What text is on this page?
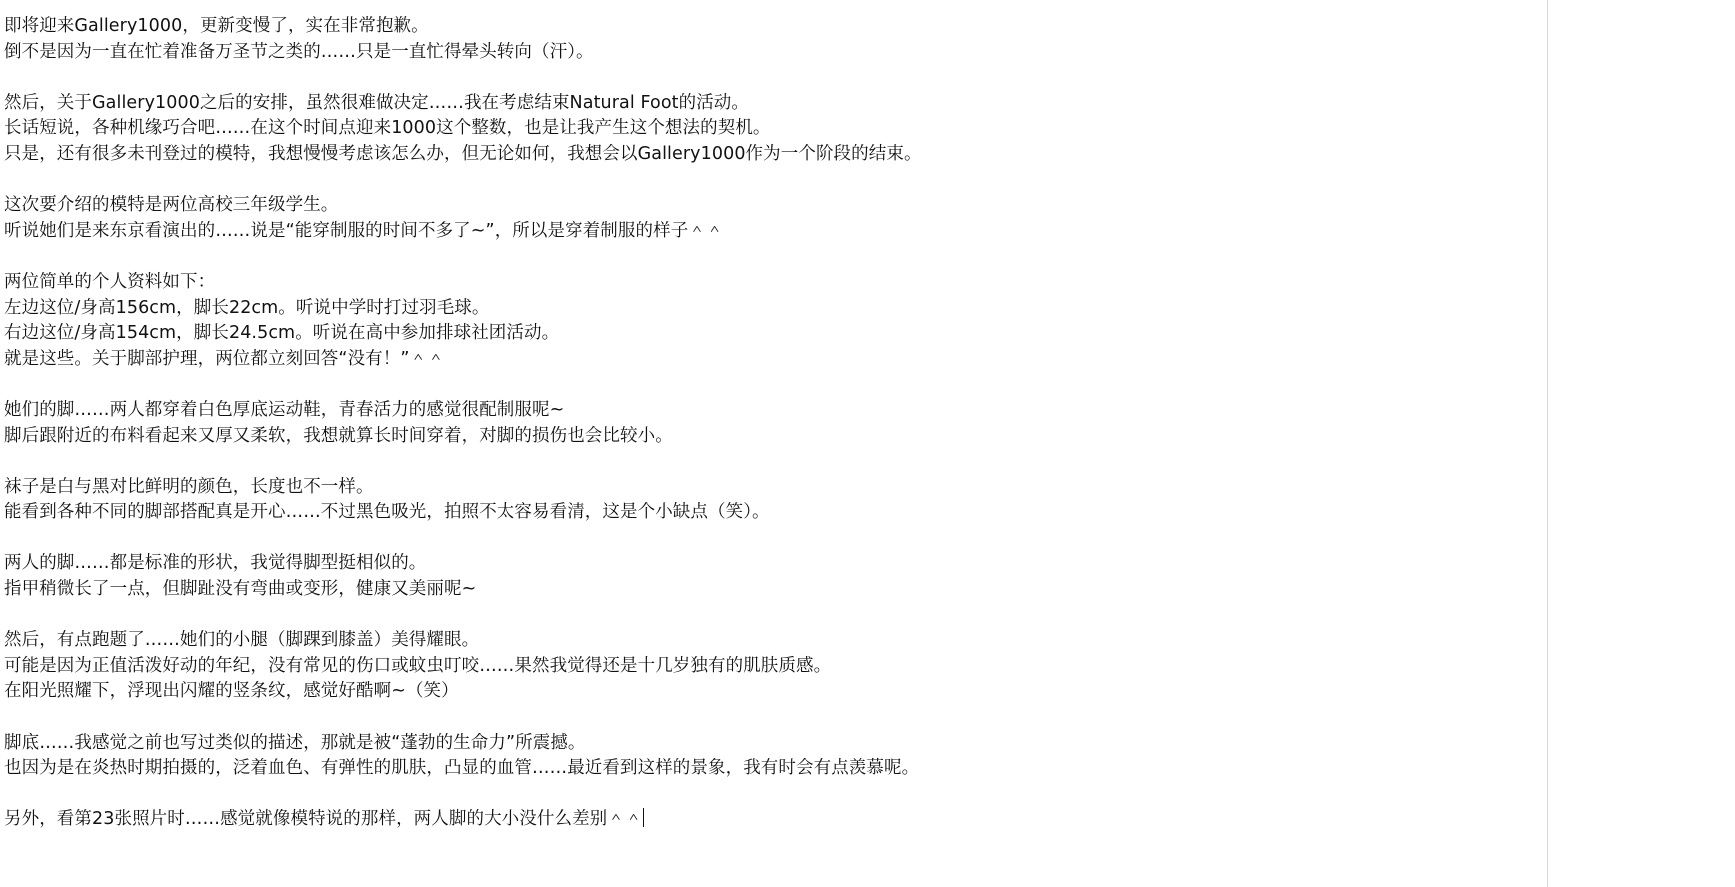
即将迎来Gallery1000，更新变慢了，实在非常抱歉。
倒不是因为一直在忙着准备万圣节之类的……只是一直忙得晕头转向（汗）。

然后，关于Gallery1000之后的安排，虽然很难做决定……我在考虑结束Natural Foot的活动。
长话短说，各种机缘巧合吧……在这个时间点迎来1000这个整数，也是让我产生这个想法的契机。
只是，还有很多未刊登过的模特，我想慢慢考虑该怎么办，但无论如何，我想会以Gallery1000作为一个阶段的结束。

这次要介绍的模特是两位高校三年级学生。
听说她们是来东京看演出的……说是“能穿制服的时间不多了~”，所以是穿着制服的样子＾＾

两位简单的个人资料如下：
左边这位/身高156cm，脚长22cm。听说中学时打过羽毛球。
右边这位/身高154cm，脚长24.5cm。听说在高中参加排球社团活动。
就是这些。关于脚部护理，两位都立刻回答“没有！”＾＾

她们的脚……两人都穿着白色厚底运动鞋，青春活力的感觉很配制服呢~
脚后跟附近的布料看起来又厚又柔软，我想就算长时间穿着，对脚的损伤也会比较小。

袜子是白与黑对比鲜明的颜色，长度也不一样。
能看到各种不同的脚部搭配真是开心……不过黑色吸光，拍照不太容易看清，这是个小缺点（笑）。

两人的脚……都是标准的形状，我觉得脚型挺相似的。
指甲稍微长了一点，但脚趾没有弯曲或变形，健康又美丽呢~

然后，有点跑题了……她们的小腿（脚踝到膝盖）美得耀眼。
可能是因为正值活泼好动的年纪，没有常见的伤口或蚊虫叮咬……果然我觉得还是十几岁独有的肌肤质感。
在阳光照耀下，浮现出闪耀的竖条纹，感觉好酷啊~（笑）

脚底……我感觉之前也写过类似的描述，那就是被“蓬勃的生命力”所震撼。
也因为是在炎热时期拍摄的，泛着血色、有弹性的肌肤，凸显的血管……最近看到这样的景象，我有时会有点羡慕呢。

另外，看第23张照片时……感觉就像模特说的那样，两人脚的大小没什么差别＾＾
